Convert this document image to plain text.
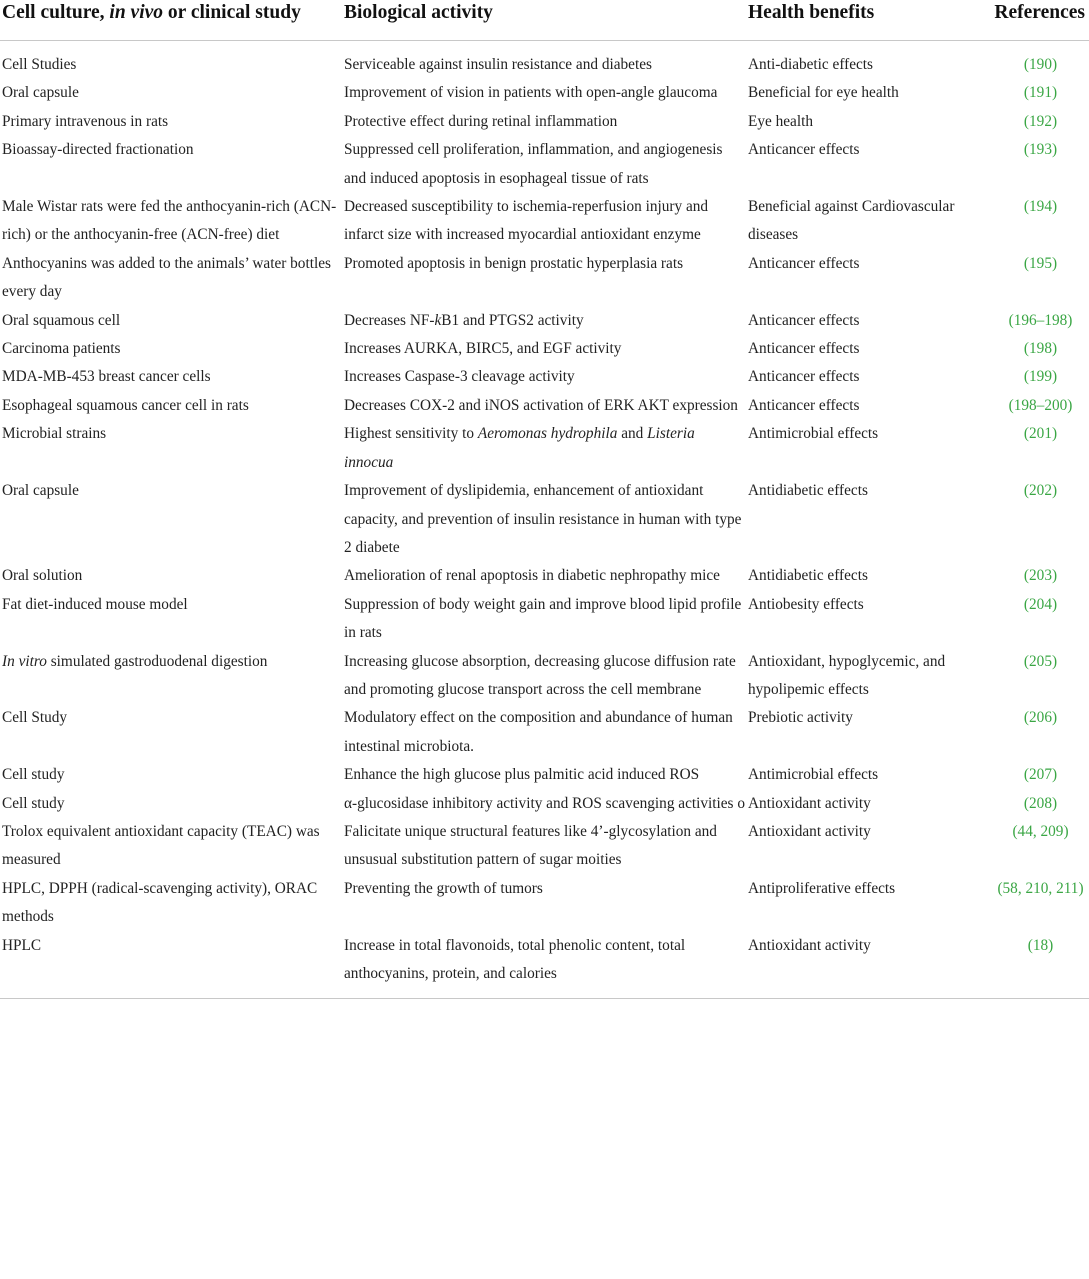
Cell culture, in vivo or clinical study	Biological activity	Health benefits	References
Cell Studies	Serviceable against insulin resistance and diabetes	Anti-diabetic effects	(190)
Oral capsule	Improvement of vision in patients with open-angle glaucoma	Beneficial for eye health	(191)
Primary intravenous in rats	Protective effect during retinal inflammation	Eye health	(192)
Bioassay-directed fractionation	Suppressed cell proliferation, inflammation, and angiogenesis and induced apoptosis in esophageal tissue of rats	Anticancer effects	(193)
Male Wistar rats were fed the anthocyanin-rich (ACN-rich) or the anthocyanin-free (ACN-free) diet	Decreased susceptibility to ischemia-reperfusion injury and infarct size with increased myocardial antioxidant enzyme	Beneficial against Cardiovascular diseases	(194)
Anthocyanins was added to the animals’ water bottles every day	Promoted apoptosis in benign prostatic hyperplasia rats	Anticancer effects	(195)
Oral squamous cell	Decreases NF-kB1 and PTGS2 activity	Anticancer effects	(196–198)
Carcinoma patients	Increases AURKA, BIRC5, and EGF activity	Anticancer effects	(198)
MDA-MB-453 breast cancer cells	Increases Caspase-3 cleavage activity	Anticancer effects	(199)
Esophageal squamous cancer cell in rats	Decreases COX-2 and iNOS activation of ERK AKT expression	Anticancer effects	(198–200)
Microbial strains	Highest sensitivity to Aeromonas hydrophila and Listeria innocua	Antimicrobial effects	(201)
Oral capsule	Improvement of dyslipidemia, enhancement of antioxidant capacity, and prevention of insulin resistance in human with type 2 diabete	Antidiabetic effects	(202)
Oral solution	Amelioration of renal apoptosis in diabetic nephropathy mice	Antidiabetic effects	(203)
Fat diet-induced mouse model	Suppression of body weight gain and improve blood lipid profile in rats	Antiobesity effects	(204)
In vitro simulated gastroduodenal digestion	Increasing glucose absorption, decreasing glucose diffusion rate and promoting glucose transport across the cell membrane	Antioxidant, hypoglycemic, and hypolipemic effects	(205)
Cell Study	Modulatory effect on the composition and abundance of human intestinal microbiota.	Prebiotic activity	(206)
Cell study	Enhance the high glucose plus palmitic acid induced ROS	Antimicrobial effects	(207)
Cell study	α-glucosidase inhibitory activity and ROS scavenging activities o	Antioxidant activity	(208)
Trolox equivalent antioxidant capacity (TEAC) was measured	Falicitate unique structural features like 4’-glycosylation and unsusual substitution pattern of sugar moities	Antioxidant activity	(44, 209)
HPLC, DPPH (radical-scavenging activity), ORAC methods	Preventing the growth of tumors	Antiproliferative effects	(58, 210, 211)
HPLC	Increase in total flavonoids, total phenolic content, total anthocyanins, protein, and calories	Antioxidant activity	(18)
